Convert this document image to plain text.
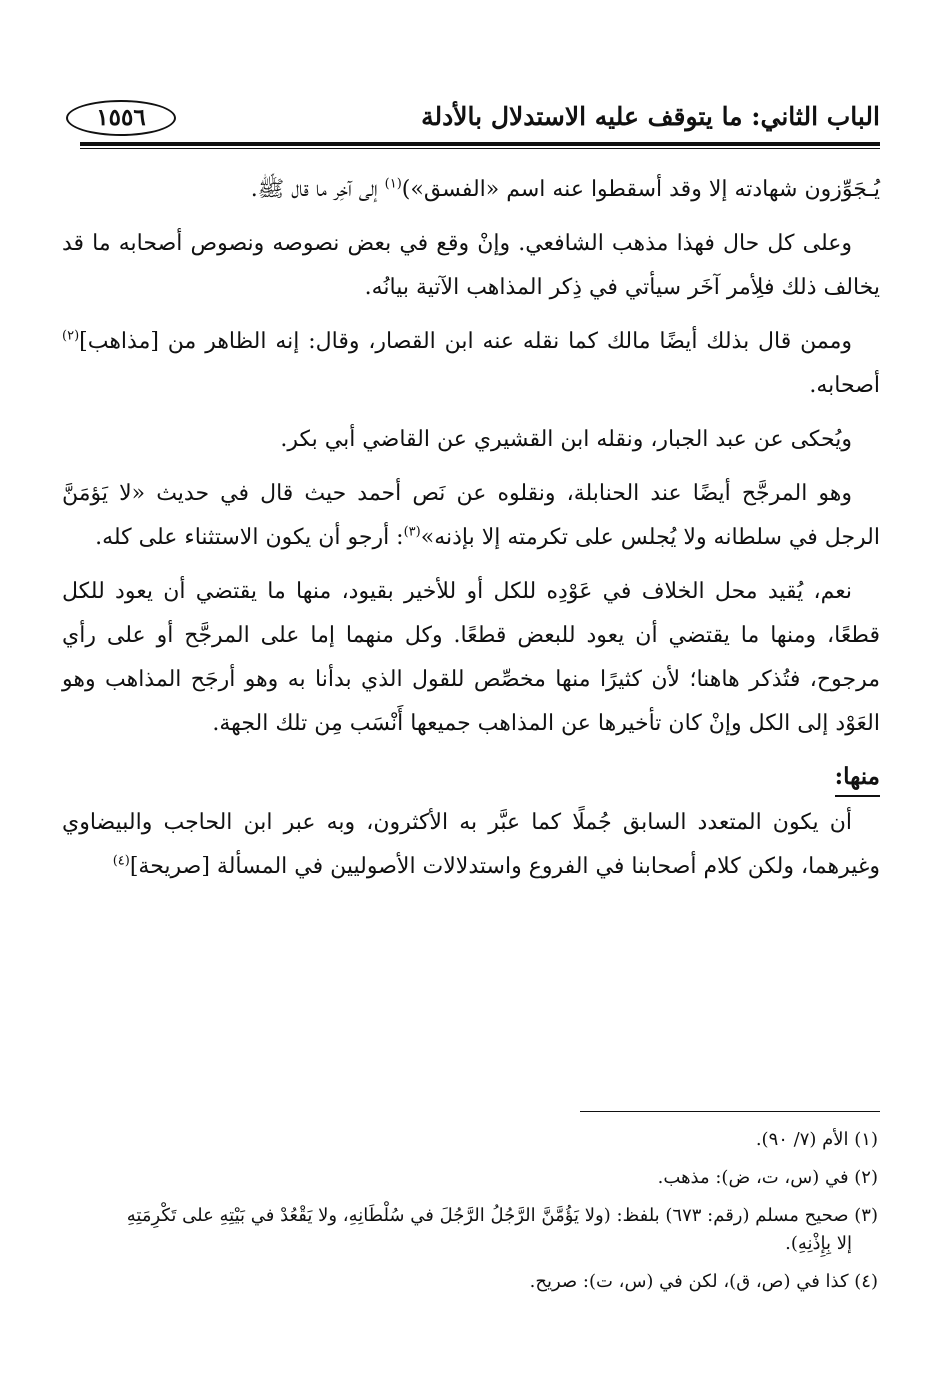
الباب الثاني: ما يتوقف عليه الاستدلال بالأدلة
١٥٥٦

يُـجَوِّزون شهادته إلا وقد أسقطوا عنه اسم «الفسق»)$^{(١)}$ إلى آخِر ما قال ﷺ.

وعلى كل حال فهذا مذهب الشافعي. وإنْ وقع في بعض نصوصه ونصوص أصحابه ما قد يخالف ذلك فلِأمر آخَر سيأتي في ذِكر المذاهب الآتية بيانُه.

وممن قال بذلك أيضًا مالك كما نقله عنه ابن القصار، وقال: إنه الظاهر من [مذاهب]$^{(٢)}$ أصحابه.

ويُحكى عن عبد الجبار، ونقله ابن القشيري عن القاضي أبي بكر.

وهو المرجَّح أيضًا عند الحنابلة، ونقلوه عن نَص أحمد حيث قال في حديث «لا يَؤمَنَّ الرجل في سلطانه ولا يُجلس على تكرمته إلا بإذنه»$^{(٣)}$: أرجو أن يكون الاستثناء على كله.

نعم، يُقيد محل الخلاف في عَوْدِه للكل أو للأخير بقيود، منها ما يقتضي أن يعود للكل قطعًا، ومنها ما يقتضي أن يعود للبعض قطعًا. وكل منهما إما على المرجَّح أو على رأي مرجوح، فتُذكر هاهنا؛ لأن كثيرًا منها مخصِّص للقول الذي بدأنا به وهو أرجَح المذاهب وهو العَوْد إلى الكل وإنْ كان تأخيرها عن المذاهب جميعها أَنْسَب مِن تلك الجهة.

منها:

أن يكون المتعدد السابق جُملًا كما عبَّر به الأكثرون، وبه عبر ابن الحاجب والبيضاوي وغيرهما، ولكن كلام أصحابنا في الفروع واستدلالات الأصوليين في المسألة [صريحة]$^{(٤)}$

(١) الأم (٧/ ٩٠).
(٢) في (س، ت، ض): مذهب.
(٣) صحيح مسلم (رقم: ٦٧٣) بلفظ: (ولا يَؤُمَّنَّ الرَّجُلُ الرَّجُلَ في سُلْطَانِهِ، ولا يَقْعُدْ في بَيْتِهِ على تَكْرِمَتِهِ
إلا بِإِذْنِهِ).
(٤) كذا في (ص، ق)، لكن في (س، ت): صريح.
